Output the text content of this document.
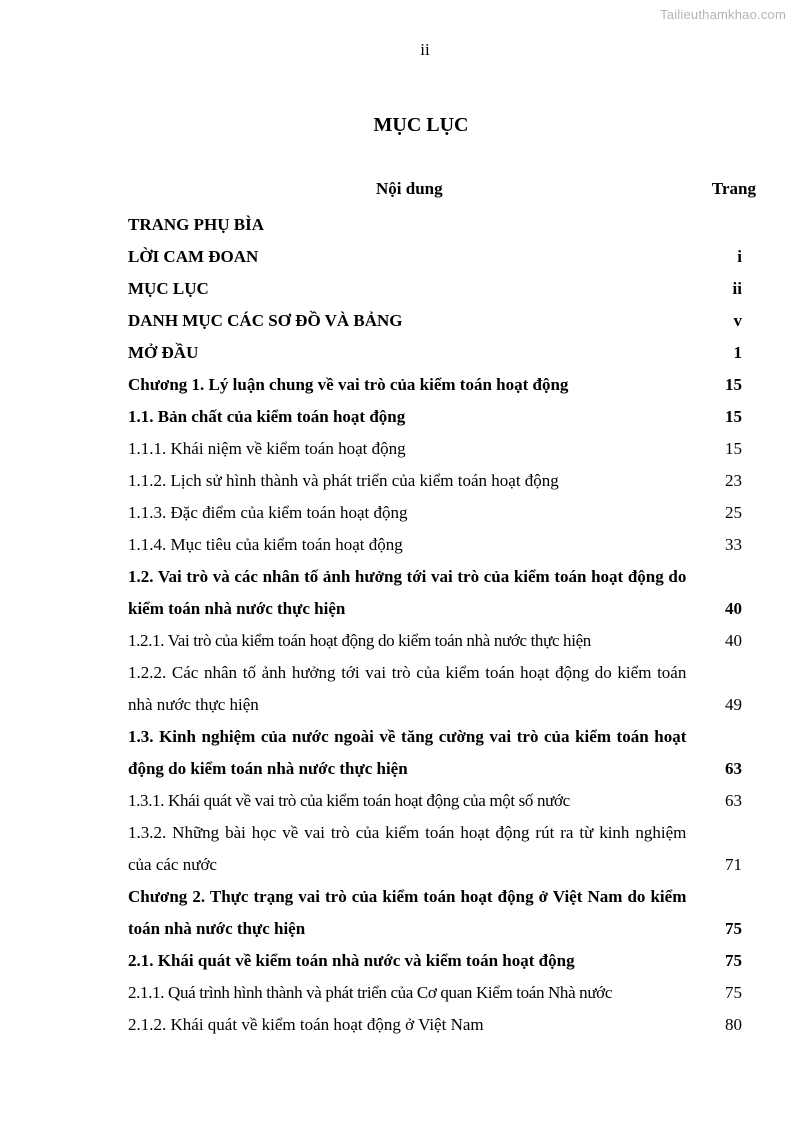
Tailieuthamkhao.com
ii
MỤC LỤC
Nội dung	Trang
TRANG PHỤ BÌA
LỜI CAM ĐOAN	i
MỤC LỤC	ii
DANH MỤC CÁC SƠ ĐỒ VÀ BẢNG	v
MỞ ĐẦU	1
Chương 1. Lý luận chung về vai trò của kiểm toán hoạt động	15
1.1. Bản chất của kiểm toán hoạt động	15
1.1.1. Khái niệm về kiểm toán hoạt động	15
1.1.2. Lịch sử hình thành và phát triển của kiểm toán hoạt động	23
1.1.3. Đặc điểm của kiểm toán hoạt động	25
1.1.4. Mục tiêu của kiểm toán hoạt động	33
1.2. Vai trò và các nhân tố ảnh hưởng tới vai trò của kiểm toán hoạt động do kiểm toán nhà nước thực hiện	40
1.2.1. Vai trò của kiểm toán hoạt động do kiểm toán nhà nước thực hiện	40
1.2.2. Các nhân tố ảnh hưởng tới vai trò của kiểm toán hoạt động do kiểm toán nhà nước thực hiện	49
1.3. Kinh nghiệm của nước ngoài về tăng cường vai trò của kiểm toán hoạt động do kiểm toán nhà nước thực hiện	63
1.3.1. Khái quát về vai trò của kiểm toán hoạt động của một số nước	63
1.3.2. Những bài học về vai trò của kiểm toán hoạt động rút ra từ kinh nghiệm của các nước	71
Chương 2. Thực trạng vai trò của kiểm toán hoạt động ở Việt Nam do kiểm toán nhà nước thực hiện	75
2.1. Khái quát về kiểm toán nhà nước và kiểm toán hoạt động	75
2.1.1. Quá trình hình thành và phát triển của Cơ quan Kiểm toán Nhà nước	75
2.1.2. Khái quát về kiểm toán hoạt động ở Việt Nam	80
